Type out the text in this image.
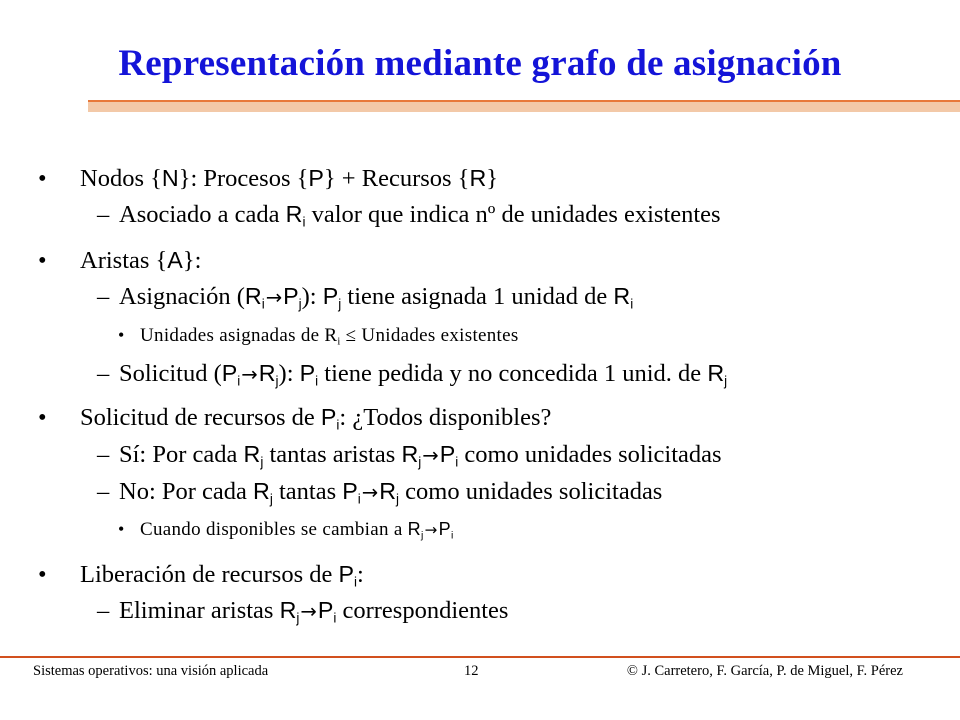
Representación mediante grafo de asignación
• Nodos {N}: Procesos {P} + Recursos {R}
– Asociado a cada $R_i$ valor que indica nº de unidades existentes
• Aristas {A}:
– Asignación $(R_i\to P_j)$: $P_j$ tiene asignada 1 unidad de $R_i$
• Unidades asignadas de $R_i$ ≤ Unidades existentes
– Solicitud $(P_i\to R_j)$: $P_i$ tiene pedida y no concedida 1 unid. de $R_j$
• Solicitud de recursos de $P_i$: ¿Todos disponibles?
– Sí: Por cada $R_j$ tantas aristas $R_j\to P_i$ como unidades solicitadas
– No: Por cada $R_j$ tantas $P_i\to R_j$ como unidades solicitadas
• Cuando disponibles se cambian a $R_j\to P_i$
• Liberación de recursos de $P_i$:
– Eliminar aristas $R_j\to P_i$ correspondientes
Sistemas operativos: una visión aplicada	12	© J. Carretero, F. García, P. de Miguel, F. Pérez
